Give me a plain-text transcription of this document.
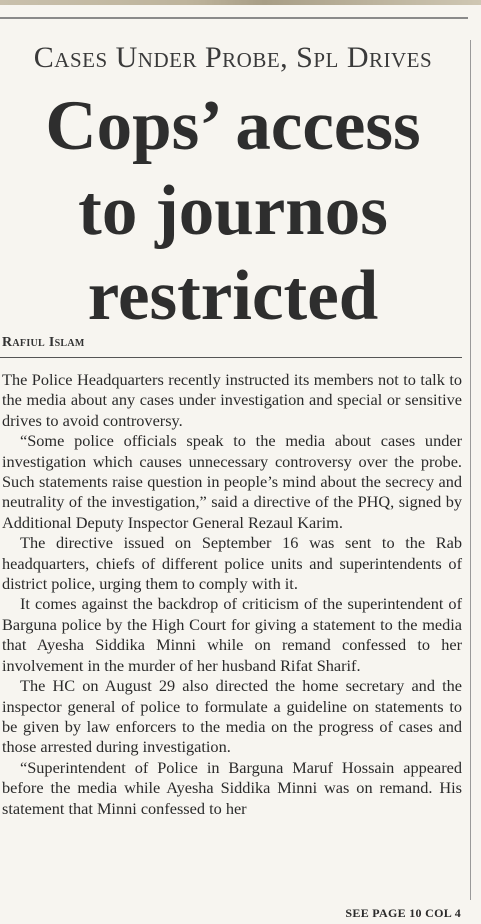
Cases Under Probe, Spl Drives
Cops’ access
to journos
restricted
Rafiul Islam

The Police Headquarters recently instructed its members not to talk to the media about any cases under investigation and special or sensitive drives to avoid controversy.

“Some police officials speak to the media about cases under investigation which causes unnecessary controversy over the probe. Such statements raise question in people’s mind about the secrecy and neutrality of the investigation,” said a directive of the PHQ, signed by Additional Deputy Inspector General Rezaul Karim.

The directive issued on September 16 was sent to the Rab headquarters, chiefs of different police units and superintendents of district police, urging them to comply with it.

It comes against the backdrop of criticism of the superintendent of Barguna police by the High Court for giving a statement to the media that Ayesha Siddika Minni while on remand confessed to her involvement in the murder of her husband Rifat Sharif.

The HC on August 29 also directed the home secretary and the inspector general of police to formulate a guideline on statements to be given by law enforcers to the media on the progress of cases and those arrested during investigation.

“Superintendent of Police in Barguna Maruf Hossain appeared before the media while Ayesha Siddika Minni was on remand. His statement that Minni confessed to her

SEE PAGE 10 COL 4
